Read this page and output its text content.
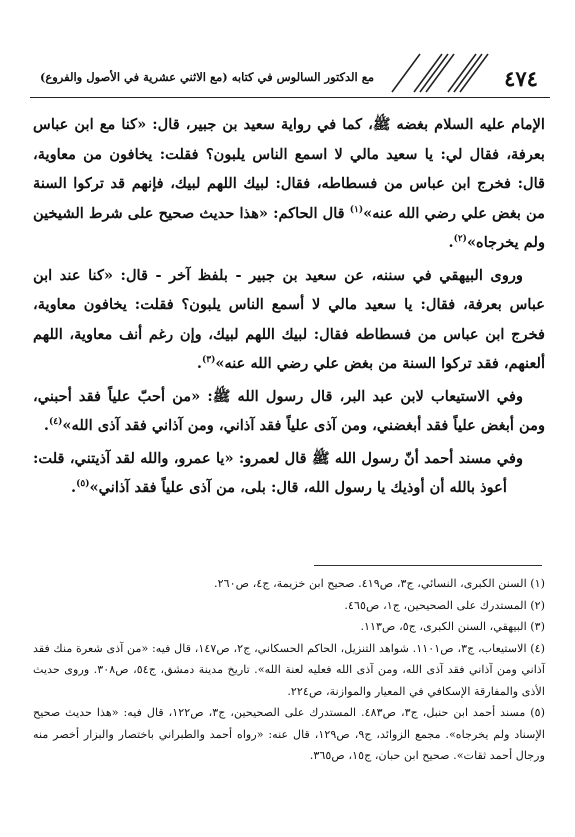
٤٧٤
مع الدكتور السالوس في كتابه (مع الاثني عشرية في الأصول والفروع)

الإمام عليه السلام بغضه ﷺ، كما في رواية سعيد بن جبير، قال: «كنا مع ابن عباس بعرفة، فقال لي: يا سعيد مالي لا اسمع الناس يلبون؟ فقلت: يخافون من معاوية، قال: فخرج ابن عباس من فسطاطه، فقال: لبيك اللهم لبيك، فإنهم قد تركوا السنة من بغض علي رضي الله عنه»$^{(١)}$ قال الحاكم: «هذا حديث صحيح على شرط الشيخين ولم يخرجاه»$^{(٢)}$.

وروى البيهقي في سننه، عن سعيد بن جبير - بلفظ آخر - قال: «كنا عند ابن عباس بعرفة، فقال: يا سعيد مالي لا أسمع الناس يلبون؟ فقلت: يخافون معاوية، فخرج ابن عباس من فسطاطه فقال: لبيك اللهم لبيك، وإن رغم أنف معاوية، اللهم ألعنهم، فقد تركوا السنة من بغض علي رضي الله عنه»$^{(٣)}$.

وفي الاستيعاب لابن عبد البر، قال رسول الله ﷺ: «من أحبّ علياً فقد أحبني، ومن أبغض علياً فقد أبغضني، ومن آذى علياً فقد آذاني، ومن آذاني فقد آذى الله»$^{(٤)}$.

وفي مسند أحمد أنّ رسول الله ﷺ قال لعمرو: «يا عمرو، والله لقد آذيتني، قلت: أعوذ بالله أن أوذيك يا رسول الله، قال: بلى، من آذى علياً فقد آذاني»$^{(٥)}$.

(١) السنن الكبرى، النسائي، ج٣، ص٤١٩. صحيح ابن خزيمة، ج٤، ص٢٦٠.

(٢) المستدرك على الصحيحين، ج١، ص٤٦٥.

(٣) البيهقي، السنن الكبرى، ج٥، ص١١٣.

(٤) الاستيعاب، ج٣، ص١١٠١. شواهد التنزيل، الحاكم الحسكاني، ج٢، ص١٤٧، قال فيه: «من آذى شعرة منك فقد آذاني ومن آذاني فقد آذى الله، ومن آذى الله فعليه لعنة الله». تاريخ مدينة دمشق، ج٥٤، ص٣٠٨. وروى حديث الأذى والمفارقة الإسكافي في المعيار والموازنة، ص٢٢٤.

(٥) مسند أحمد ابن حنبل، ج٣، ص٤٨٣. المستدرك على الصحيحين، ج٣، ص١٢٢، قال فيه: «هذا حديث صحيح الإسناد ولم يخرجاه». مجمع الزوائد، ج٩، ص١٢٩، قال عنه: «رواه أحمد والطبراني باختصار والبزار أخصر منه ورجال أحمد ثقات». صحيح ابن حبان، ج١٥، ص٣٦٥.
